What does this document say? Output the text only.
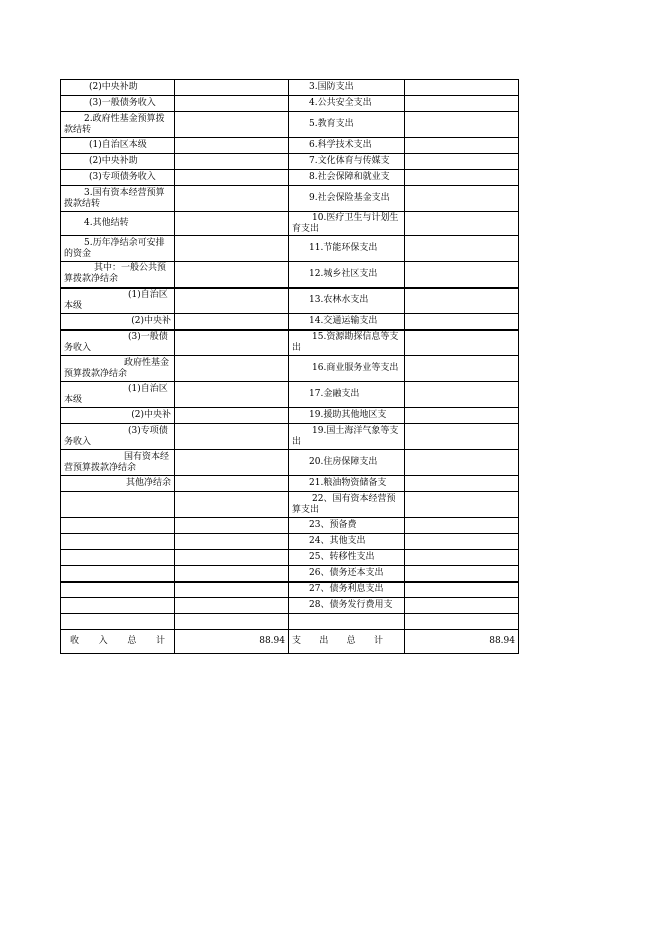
(2)中央补助		3.国防支出	
(3)一般债务收入		4.公共安全支出	
2.政府性基金预算拨款结转		5.教育支出	
(1)自治区本级		6.科学技术支出	
(2)中央补助		7.文化体育与传媒支	
(3)专项债务收入		8.社会保障和就业支	
3.国有资本经营预算拨款结转		9.社会保险基金支出	
4.其他结转		10.医疗卫生与计划生育支出	
5.历年净结余可安排的资金		11.节能环保支出	
其中：一般公共预算拨款净结余		12.城乡社区支出	
(1)自治区本级		13.农林水支出	
(2)中央补		14.交通运输支出	
(3)一般债务收入		15.资源勘探信息等支出	
政府性基金预算拨款净结余		16.商业服务业等支出	
(1)自治区本级		17.金融支出	
(2)中央补		19.援助其他地区支	
(3)专项债务收入		19.国土海洋气象等支出	
国有资本经营预算拨款净结余		20.住房保障支出	
其他净结余		21.粮油物资储备支	
		22、国有资本经营预算支出	
		23、预备费	
		24、其他支出	
		25、转移性支出	
		26、债务还本支出	
		27、债务利息支出	
		28、债务发行费用支	

收 入 总 计	88.94	支 出 总 计	88.94
